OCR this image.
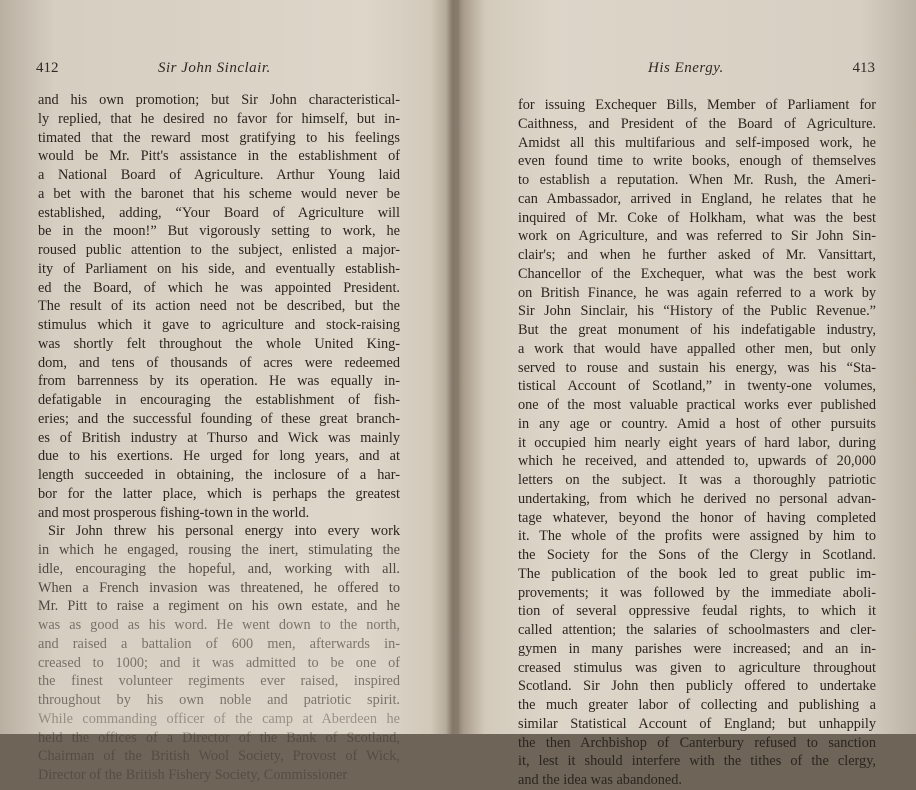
412	Sir John Sinclair.

and his own promotion; but Sir John characteristical-
ly replied, that he desired no favor for himself, but in-
timated that the reward most gratifying to his feelings
would be Mr. Pitt's assistance in the establishment of
a National Board of Agriculture. Arthur Young laid
a bet with the baronet that his scheme would never be
established, adding, “Your Board of Agriculture will
be in the moon!” But vigorously setting to work, he
roused public attention to the subject, enlisted a major-
ity of Parliament on his side, and eventually establish-
ed the Board, of which he was appointed President.
The result of its action need not be described, but the
stimulus which it gave to agriculture and stock-raising
was shortly felt throughout the whole United King-
dom, and tens of thousands of acres were redeemed
from barrenness by its operation. He was equally in-
defatigable in encouraging the establishment of fish-
eries; and the successful founding of these great branch-
es of British industry at Thurso and Wick was mainly
due to his exertions. He urged for long years, and at
length succeeded in obtaining, the inclosure of a har-
bor for the latter place, which is perhaps the greatest
and most prosperous fishing-town in the world.
Sir John threw his personal energy into every work
in which he engaged, rousing the inert, stimulating the
idle, encouraging the hopeful, and, working with all.
When a French invasion was threatened, he offered to
Mr. Pitt to raise a regiment on his own estate, and he
was as good as his word. He went down to the north,
and raised a battalion of 600 men, afterwards in-
creased to 1000; and it was admitted to be one of
the finest volunteer regiments ever raised, inspired
throughout by his own noble and patriotic spirit.
While commanding officer of the camp at Aberdeen he
held the offices of a Director of the Bank of Scotland,
Chairman of the British Wool Society, Provost of Wick,
Director of the British Fishery Society, Commissioner

His Energy.	413

for issuing Exchequer Bills, Member of Parliament for
Caithness, and President of the Board of Agriculture.
Amidst all this multifarious and self-imposed work, he
even found time to write books, enough of themselves
to establish a reputation. When Mr. Rush, the Ameri-
can Ambassador, arrived in England, he relates that he
inquired of Mr. Coke of Holkham, what was the best
work on Agriculture, and was referred to Sir John Sin-
clair's; and when he further asked of Mr. Vansittart,
Chancellor of the Exchequer, what was the best work
on British Finance, he was again referred to a work by
Sir John Sinclair, his “History of the Public Revenue.”
But the great monument of his indefatigable industry,
a work that would have appalled other men, but only
served to rouse and sustain his energy, was his “Sta-
tistical Account of Scotland,” in twenty-one volumes,
one of the most valuable practical works ever published
in any age or country. Amid a host of other pursuits
it occupied him nearly eight years of hard labor, during
which he received, and attended to, upwards of 20,000
letters on the subject. It was a thoroughly patriotic
undertaking, from which he derived no personal advan-
tage whatever, beyond the honor of having completed
it. The whole of the profits were assigned by him to
the Society for the Sons of the Clergy in Scotland.
The publication of the book led to great public im-
provements; it was followed by the immediate aboli-
tion of several oppressive feudal rights, to which it
called attention; the salaries of schoolmasters and cler-
gymen in many parishes were increased; and an in-
creased stimulus was given to agriculture throughout
Scotland. Sir John then publicly offered to undertake
the much greater labor of collecting and publishing a
similar Statistical Account of England; but unhappily
the then Archbishop of Canterbury refused to sanction
it, lest it should interfere with the tithes of the clergy,
and the idea was abandoned.
